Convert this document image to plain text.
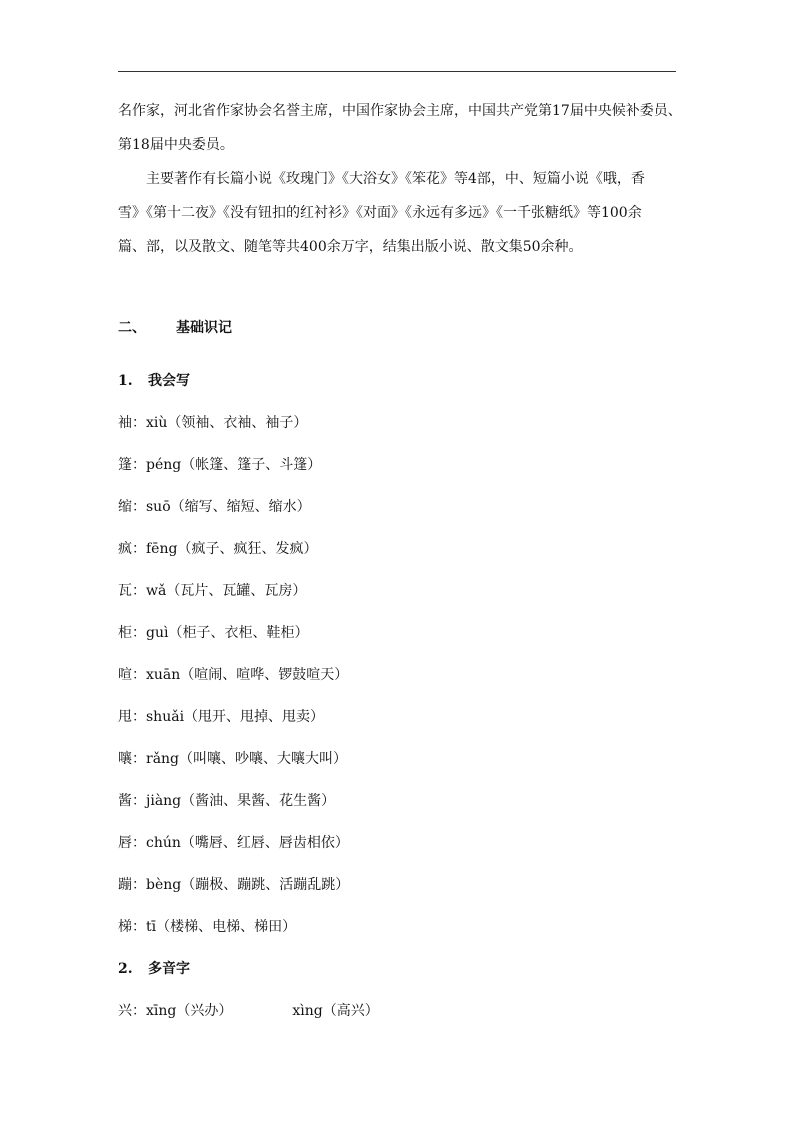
名作家，河北省作家协会名誉主席，中国作家协会主席，中国共产党第17届中央候补委员、

第18届中央委员。

主要著作有长篇小说《玫瑰门》《大浴女》《笨花》等4部，中、短篇小说《哦，香

雪》《第十二夜》《没有钮扣的红衬衫》《对面》《永远有多远》《一千张糖纸》等100余

篇、部，以及散文、随笔等共400余万字，结集出版小说、散文集50余种。

二、 基础识记

1. 我会写

袖：xiù（领袖、衣袖、袖子）

篷：péng（帐篷、篷子、斗篷）

缩：suō（缩写、缩短、缩水）

疯：fēng（疯子、疯狂、发疯）

瓦：wǎ（瓦片、瓦罐、瓦房）

柜：guì（柜子、衣柜、鞋柜）

喧：xuān（喧闹、喧哗、锣鼓喧天）

甩：shuǎi（甩开、甩掉、甩卖）

嚷：rǎng（叫嚷、吵嚷、大嚷大叫）

酱：jiàng（酱油、果酱、花生酱）

唇：chún（嘴唇、红唇、唇齿相依）

蹦：bèng（蹦极、蹦跳、活蹦乱跳）

梯：tī（楼梯、电梯、梯田）

2. 多音字

兴：xīng（兴办）	xìng（高兴）
